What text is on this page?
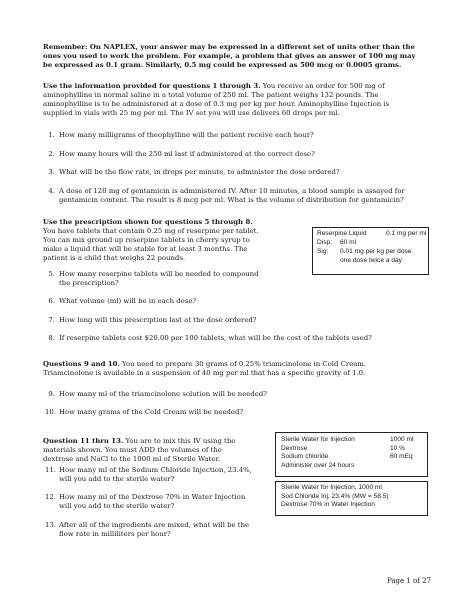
Remember: On NAPLEX, your answer may be expressed in a different set of units other than the
ones you used to work the problem. For example, a problem that gives an answer of 100 mg may
be expressed as 0.1 gram. Similarly, 0.5 mg could be expressed as 500 mcg or 0.0005 grams.
Use the information provided for questions 1 through 3. You receive an order for 500 mg of
aminophylline in normal saline in a total volume of 250 ml. The patient weighs 132 pounds. The
aminophylline is to be administered at a dose of 0.3 mg per kg per hour. Aminophylline Injection is
supplied in vials with 25 mg per ml. The IV set you will use delivers 60 drops per ml.
1. How many milligrams of theophylline will the patient receive each hour?
2. How many hours will the 250 ml last if administered at the correct dose?
3. What will be the flow rate, in drops per minute, to administer the dose ordered?
4. A dose of 120 mg of gentamicin is administered IV. After 10 minutes, a blood sample is assayed for
gentamicin content. The result is 8 mcg per ml. What is the volume of distribution for gentamicin?
Use the prescription shown for questions 5 through 8.
You have tablets that contain 0.25 mg of reserpine per tablet.
You can mix ground up reserpine tablets in cherry syrup to
make a liquid that will be stable for at least 3 months. The
patient is a child that weighs 22 pounds.
Reserpine Liquid	0.1 mg per ml
Disp: 60 ml
Sig: 0.01 mg per kg per dose
one dose twice a day
5. How many reserpine tablets will be needed to compound
the prescription?
6. What volume (ml) will be in each dose?
7. How long will this prescription last at the dose ordered?
8. If reserpine tablets cost $20.00 per 100 tablets, what will be the cost of the tablets used?
Questions 9 and 10. You need to prepare 30 grams of 0.25% triamcinolone in Cold Cream.
Triamcinolone is available in a suspension of 40 mg per ml that has a specific gravity of 1.0.
9. How many ml of the triamcinolone solution will be needed?
10. How many grams of the Cold Cream will be needed?
Question 11 thru 13. You are to mix this IV using the
materials shown. You must ADD the volumes of the
dextrose and NaCl to the 1000 ml of Sterile Water.
Sterile Water for Injection	1000 ml
Dextrose	10 %
Sodium chloride	60 mEq
Administer over 24 hours
Sterile Water for Injection, 1000 ml
Sod Chloride Inj, 23.4% (MW = 58.5)
Dextrose 70% in Water Injection
11. How many ml of the Sodium Chloride Injection, 23.4%,
will you add to the sterile water?
12. How many ml of the Dextrose 70% in Water Injection
will you add to the sterile water?
13. After all of the ingredients are mixed, what will be the
flow rate in milliliters per hour?
Page 1 of 27
